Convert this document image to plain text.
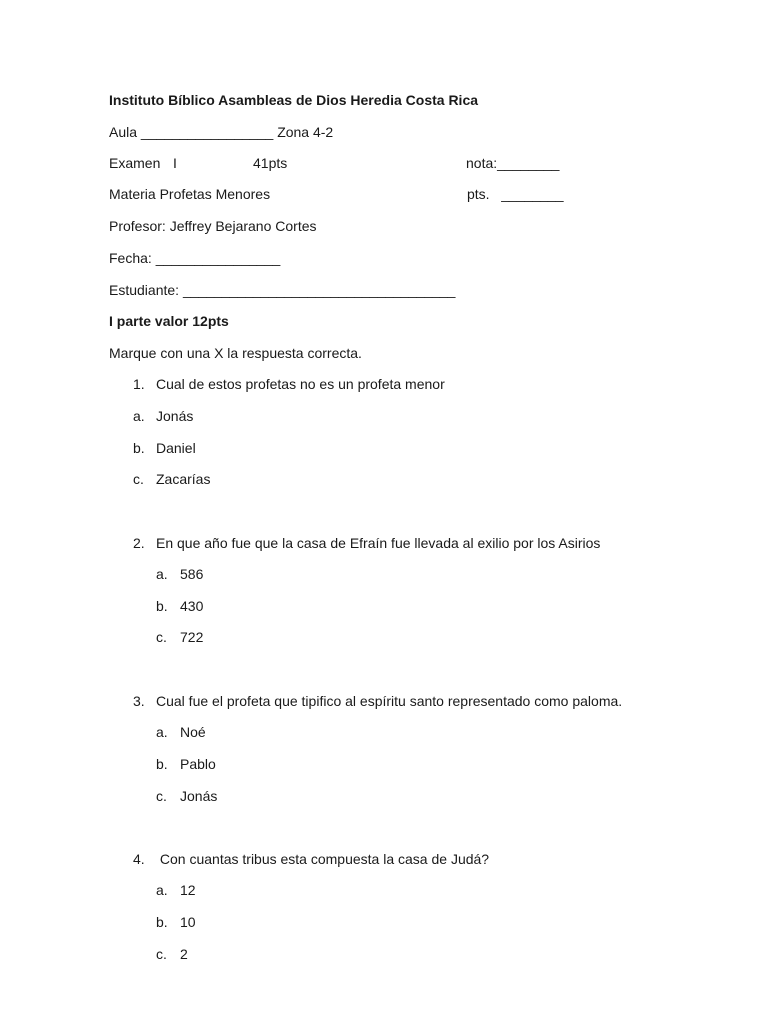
Instituto Bíblico Asambleas de Dios Heredia Costa Rica
Aula _________________ Zona 4-2
Examen I	41pts	nota:________
Materia Profetas Menores	pts. ________
Profesor: Jeffrey Bejarano Cortes
Fecha: ________________
Estudiante: ___________________________________
I parte valor 12pts
Marque con una X la respuesta correcta.
1. Cual de estos profetas no es un profeta menor
a. Jonás
b. Daniel
c. Zacarías
2. En que año fue que la casa de Efraín fue llevada al exilio por los Asirios
a. 586
b. 430
c. 722
3. Cual fue el profeta que tipifico al espíritu santo representado como paloma.
a. Noé
b. Pablo
c. Jonás
4. Con cuantas tribus esta compuesta la casa de Judá?
a. 12
b. 10
c. 2
